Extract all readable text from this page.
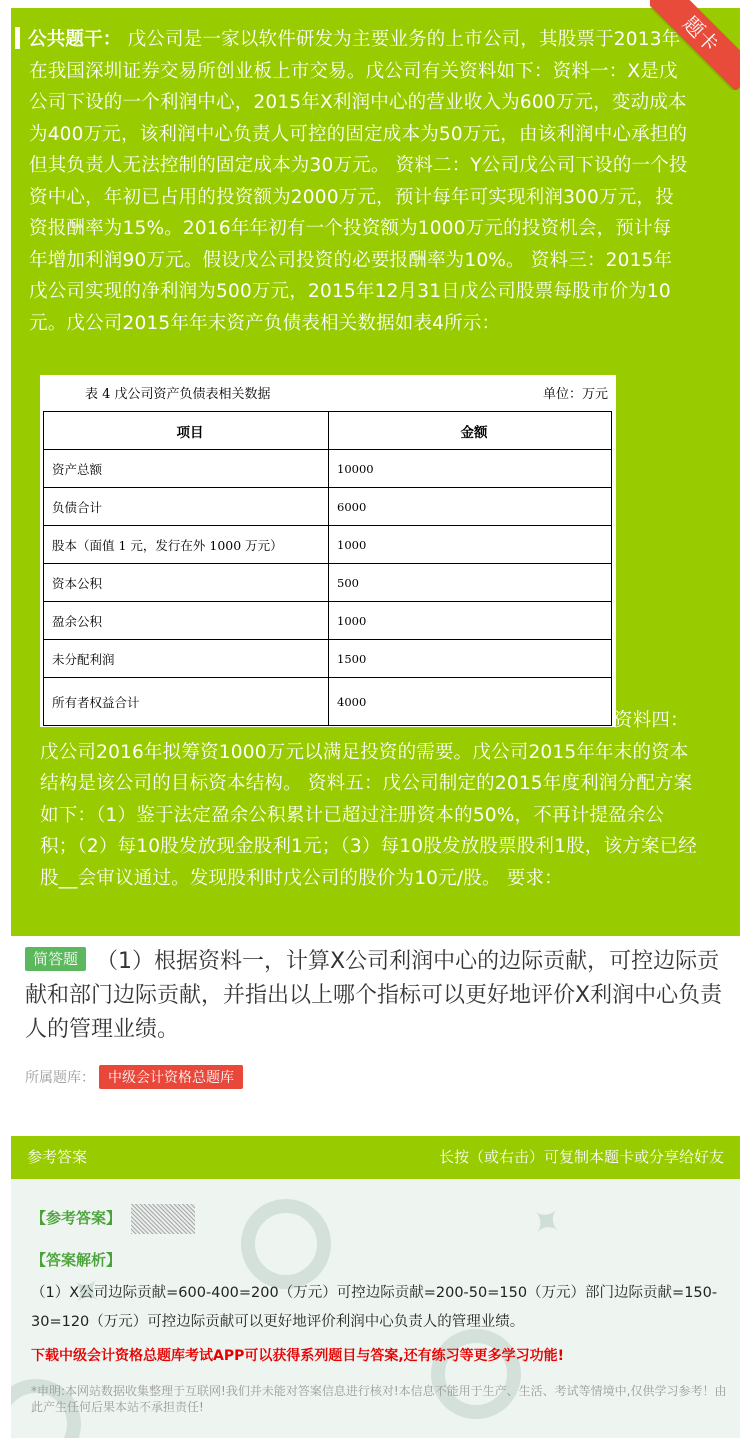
公共题干： 戊公司是一家以软件研发为主要业务的上市公司，其股票于2013年在我国深圳证券交易所创业板上市交易。戊公司有关资料如下：资料一：X是戊公司下设的一个利润中心，2015年X利润中心的营业收入为600万元，变动成本为400万元，该利润中心负责人可控的固定成本为50万元，由该利润中心承担的但其负责人无法控制的固定成本为30万元。 资料二：Y公司戊公司下设的一个投资中心，年初已占用的投资额为2000万元，预计每年可实现利润300万元，投资报酬率为15%。2016年年初有一个投资额为1000万元的投资机会，预计每年增加利润90万元。假设戊公司投资的必要报酬率为10%。 资料三：2015年戊公司实现的净利润为500万元，2015年12月31日戊公司股票每股市价为10元。戊公司2015年年末资产负债表相关数据如表4所示：
表 4 戊公司资产负债表相关数据	单位：万元
项目	金额
资产总额	10000
负债合计	6000
股本（面值 1 元，发行在外 1000 万元）	1000
资本公积	500
盈余公积	1000
未分配利润	1500
所有者权益合计	4000
资料四：戊公司2016年拟筹资1000万元以满足投资的需要。戊公司2015年年末的资本结构是该公司的目标资本结构。 资料五：戊公司制定的2015年度利润分配方案如下：（1）鉴于法定盈余公积累计已超过注册资本的50%，不再计提盈余公积；（2）每10股发放现金股利1元；（3）每10股发放股票股利1股，该方案已经股__会审议通过。发现股利时戊公司的股价为10元/股。 要求：
题卡
简答题 （1）根据资料一，计算X公司利润中心的边际贡献，可控边际贡献和部门边际贡献，并指出以上哪个指标可以更好地评价X利润中心负责人的管理业绩。
所属题库： 中级会计资格总题库
参考答案	长按（或右击）可复制本题卡或分享给好友
✦
✦
【参考答案】
【答案解析】
（1）X公司边际贡献=600-400=200（万元）可控边际贡献=200-50=150（万元）部门边际贡献=150-30=120（万元）可控边际贡献可以更好地评价利润中心负责人的管理业绩。
下载中级会计资格总题库考试APP可以获得系列题目与答案,还有练习等更多学习功能!
*申明:本网站数据收集整理于互联网!我们并未能对答案信息进行核对!本信息不能用于生产、生活、考试等情境中,仅供学习参考！由此产生任何后果本站不承担责任!
